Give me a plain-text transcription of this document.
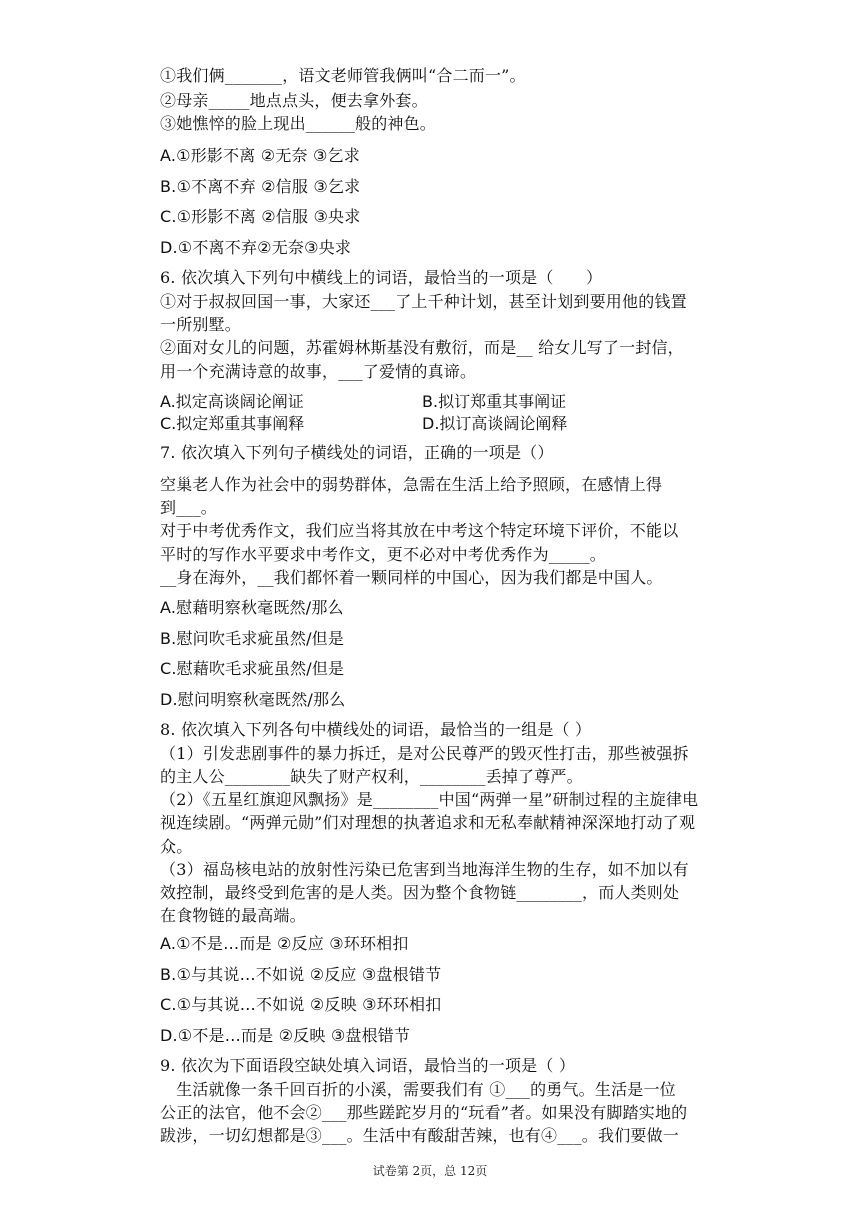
①我们俩_______，语文老师管我俩叫“合二而一”。
②母亲_____地点点头，便去拿外套。
③她憔悴的脸上现出______般的神色。
A.①形影不离 ②无奈 ③乞求
B.①不离不弃 ②信服 ③乞求
C.①形影不离 ②信服 ③央求
D.①不离不弃②无奈③央求
6. 依次填入下列句中横线上的词语，最恰当的一项是（　　）
①对于叔叔回国一事，大家还___了上千种计划，甚至计划到要用他的钱置
一所别墅。
②面对女儿的问题，苏霍姆林斯基没有敷衍，而是__ 给女儿写了一封信，
用一个充满诗意的故事，___了爱情的真谛。
A.拟定高谈阔论阐证	B.拟订郑重其事阐证
C.拟定郑重其事阐释	D.拟订高谈阔论阐释
7. 依次填入下列句子横线处的词语，正确的一项是（）
空巢老人作为社会中的弱势群体，急需在生活上给予照顾，在感情上得
到___。
对于中考优秀作文，我们应当将其放在中考这个特定环境下评价，不能以
平时的写作水平要求中考作文，更不必对中考优秀作为_____。
__身在海外，__我们都怀着一颗同样的中国心，因为我们都是中国人。
A.慰藉明察秋毫既然/那么
B.慰问吹毛求疵虽然/但是
C.慰藉吹毛求疵虽然/但是
D.慰问明察秋毫既然/那么
8. 依次填入下列各句中横线处的词语，最恰当的一组是（ ）
（1）引发悲剧事件的暴力拆迁，是对公民尊严的毁灭性打击，那些被强拆
的主人公________缺失了财产权利，________丢掉了尊严。
（2）《五星红旗迎风飘扬》是________中国“两弹一星”研制过程的主旋律电
视连续剧。“两弹元勋”们对理想的执著追求和无私奉献精神深深地打动了观
众。
（3）福岛核电站的放射性污染已危害到当地海洋生物的生存，如不加以有
效控制，最终受到危害的是人类。因为整个食物链________，而人类则处
在食物链的最高端。
A.①不是…而是 ②反应 ③环环相扣
B.①与其说…不如说 ②反应 ③盘根错节
C.①与其说…不如说 ②反映 ③环环相扣
D.①不是…而是 ②反映 ③盘根错节
9. 依次为下面语段空缺处填入词语，最恰当的一项是（ ）
　生活就像一条千回百折的小溪，需要我们有 ①___的勇气。生活是一位
公正的法官，他不会②___那些蹉跎岁月的“玩看”者。如果没有脚踏实地的
跋涉，一切幻想都是③___。生活中有酸甜苦辣，也有④___。我们要做一
试卷第 2页，总 12页
